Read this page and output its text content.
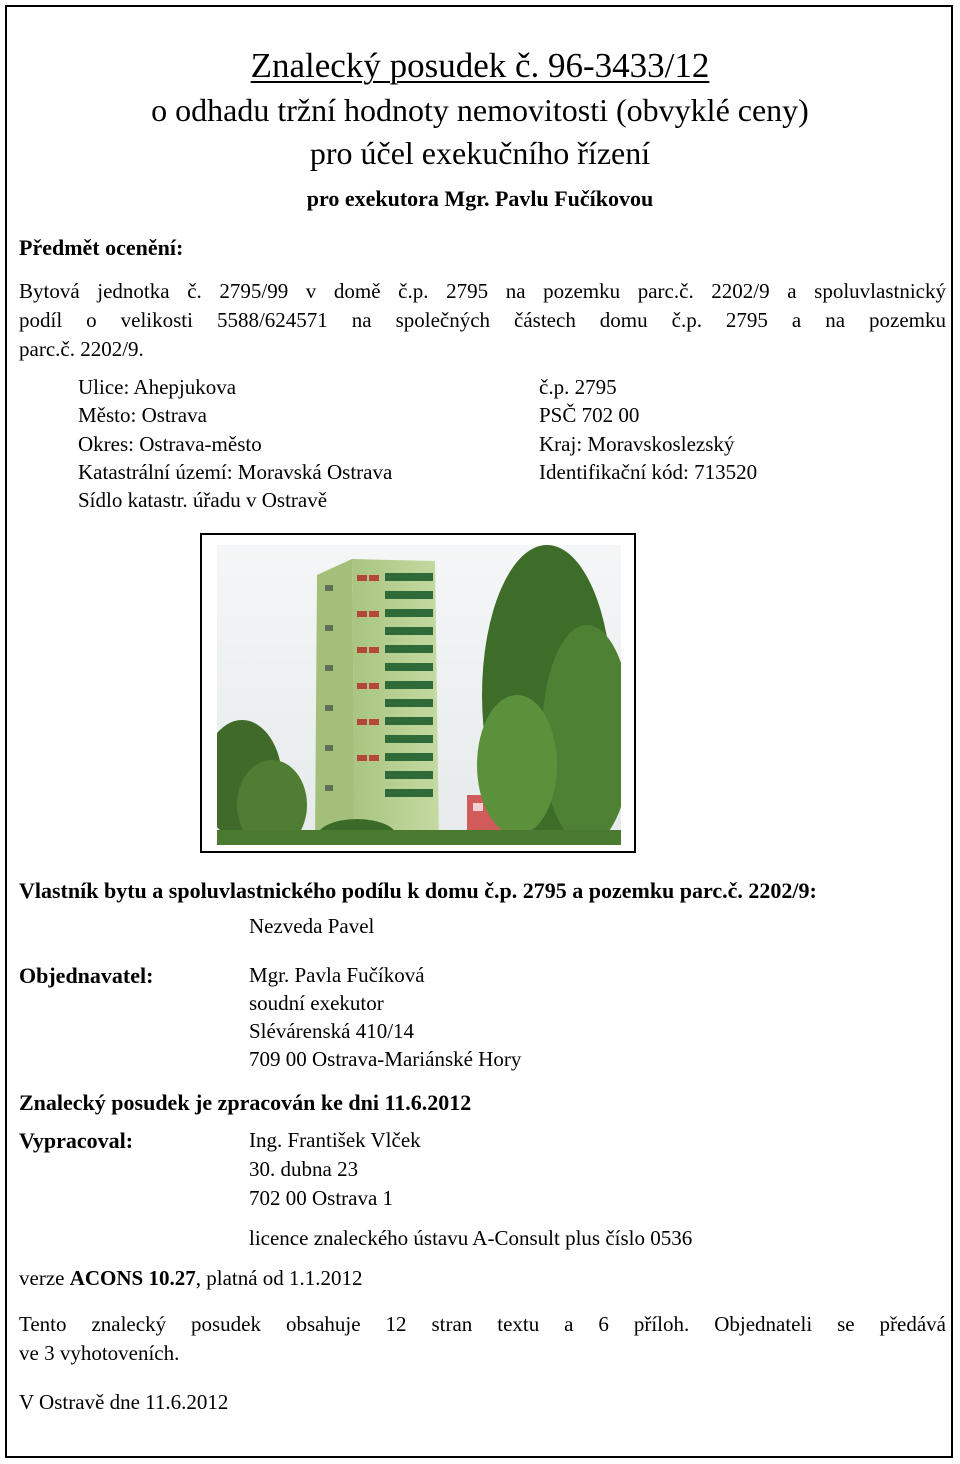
Znalecký posudek č. 96-3433/12
o odhadu tržní hodnoty nemovitosti (obvyklé ceny)
pro účel exekučního řízení
pro exekutora Mgr. Pavlu Fučíkovou
Předmět ocenění:
Bytová jednotka č. 2795/99 v domě č.p. 2795 na pozemku parc.č. 2202/9 a spoluvlastnický
podíl o velikosti 5588/624571 na společných částech domu č.p. 2795 a na pozemku
parc.č. 2202/9.
Ulice: Ahepjukova	č.p. 2795
Město: Ostrava	PSČ 702 00
Okres: Ostrava-město	Kraj: Moravskoslezský
Katastrální území: Moravská Ostrava	Identifikační kód: 713520
Sídlo katastr. úřadu v Ostravě
Vlastník bytu a spoluvlastnického podílu k domu č.p. 2795 a pozemku parc.č. 2202/9:
Nezveda Pavel
Objednavatel:	Mgr. Pavla Fučíková
soudní exekutor
Slévárenská 410/14
709 00 Ostrava-Mariánské Hory
Znalecký posudek je zpracován ke dni 11.6.2012
Vypracoval:	Ing. František Vlček
30. dubna 23
702 00 Ostrava 1
licence znaleckého ústavu A-Consult plus číslo 0536
verze ACONS 10.27, platná od 1.1.2012
Tento znalecký posudek obsahuje 12 stran textu a 6 příloh. Objednateli se předává
ve 3 vyhotoveních.
V Ostravě dne 11.6.2012
